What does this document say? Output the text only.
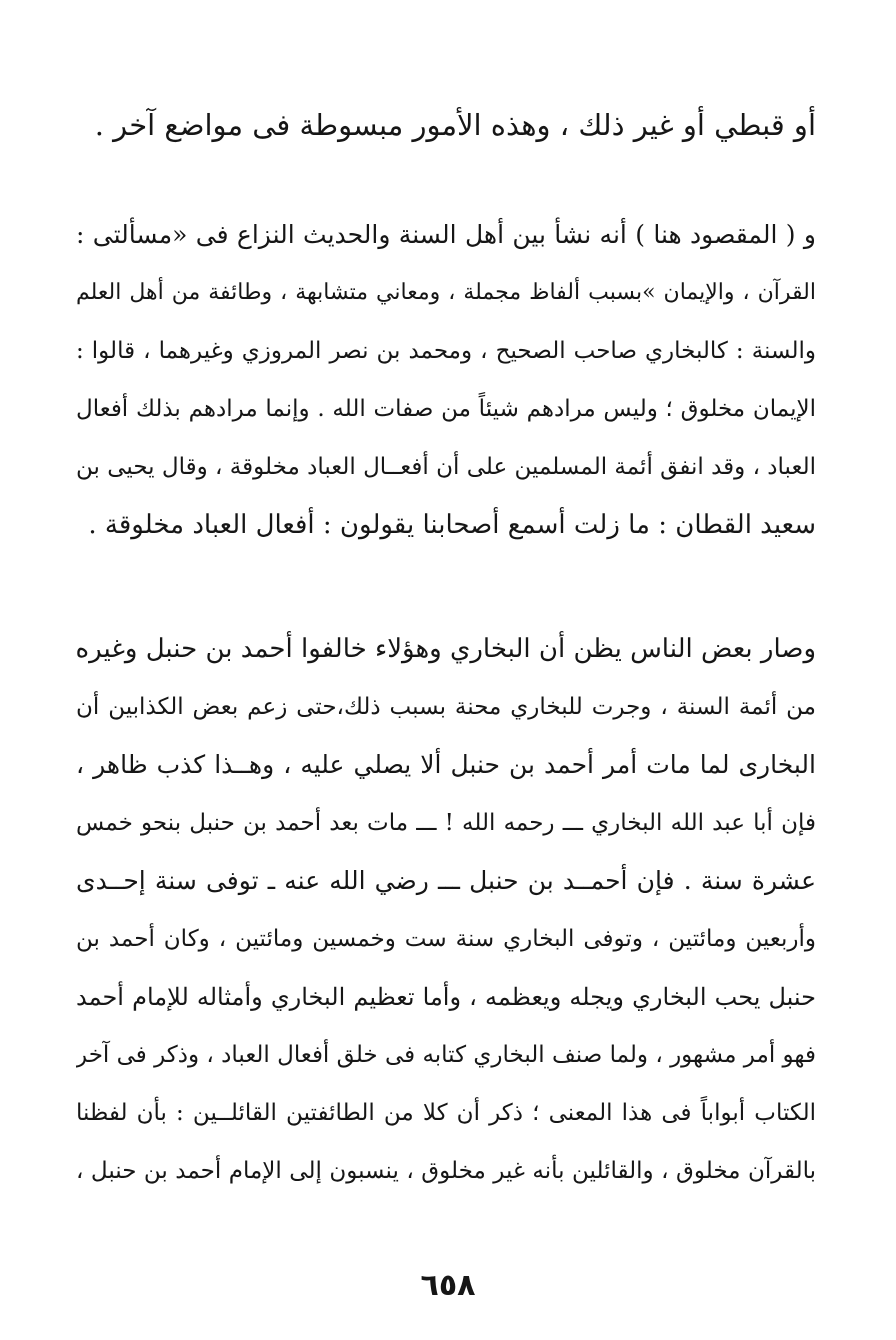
أو قبطي أو غير ذلك ، وهذه الأمور مبسوطة فى مواضع آخر .
و ( المقصود هنا ) أنه نشأ بين أهل السنة والحديث النزاع فى «مسألتى :
القرآن ، والإيمان »بسبب ألفاظ مجملة ، ومعاني متشابهة ، وطائفة من أهل العلم
والسنة : كالبخاري صاحب الصحيح ، ومحمد بن نصر المروزي وغيرهما ، قالوا :
الإيمان مخلوق ؛ وليس مرادهم شيئاً من صفات الله . وإنما مرادهم بذلك أفعال
العباد ، وقد انفق أئمة المسلمين على أن أفعــال العباد مخلوقة ، وقال يحيى بن
سعيد القطان : ما زلت أسمع أصحابنا يقولون : أفعال العباد مخلوقة .
وصار بعض الناس يظن أن البخاري وهؤلاء خالفوا أحمد بن حنبل وغيره
من أئمة السنة ، وجرت للبخاري محنة بسبب ذلك،حتى زعم بعض الكذابين أن
البخارى لما مات أمر أحمد بن حنبل ألا يصلي عليه ، وهــذا كذب ظاهر ،
فإن أبا عبد الله البخاري ـــ رحمه الله ! ـــ مات بعد أحمد بن حنبل بنحو خمس
عشرة سنة . فإن أحمــد بن حنبل ـــ رضي الله عنه ـ توفى سنة إحــدى
وأربعين ومائتين ، وتوفى البخاري سنة ست وخمسين ومائتين ، وكان أحمد بن
حنبل يحب البخاري ويجله ويعظمه ، وأما تعظيم البخاري وأمثاله للإمام أحمد
فهو أمر مشهور ، ولما صنف البخاري كتابه فى خلق أفعال العباد ، وذكر فى آخر
الكتاب أبواباً فى هذا المعنى ؛ ذكر أن كلا من الطائفتين القائلــين : بأن لفظنا
بالقرآن مخلوق ، والقائلين بأنه غير مخلوق ، ينسبون إلى الإمام أحمد بن حنبل ،
٦٥٨
